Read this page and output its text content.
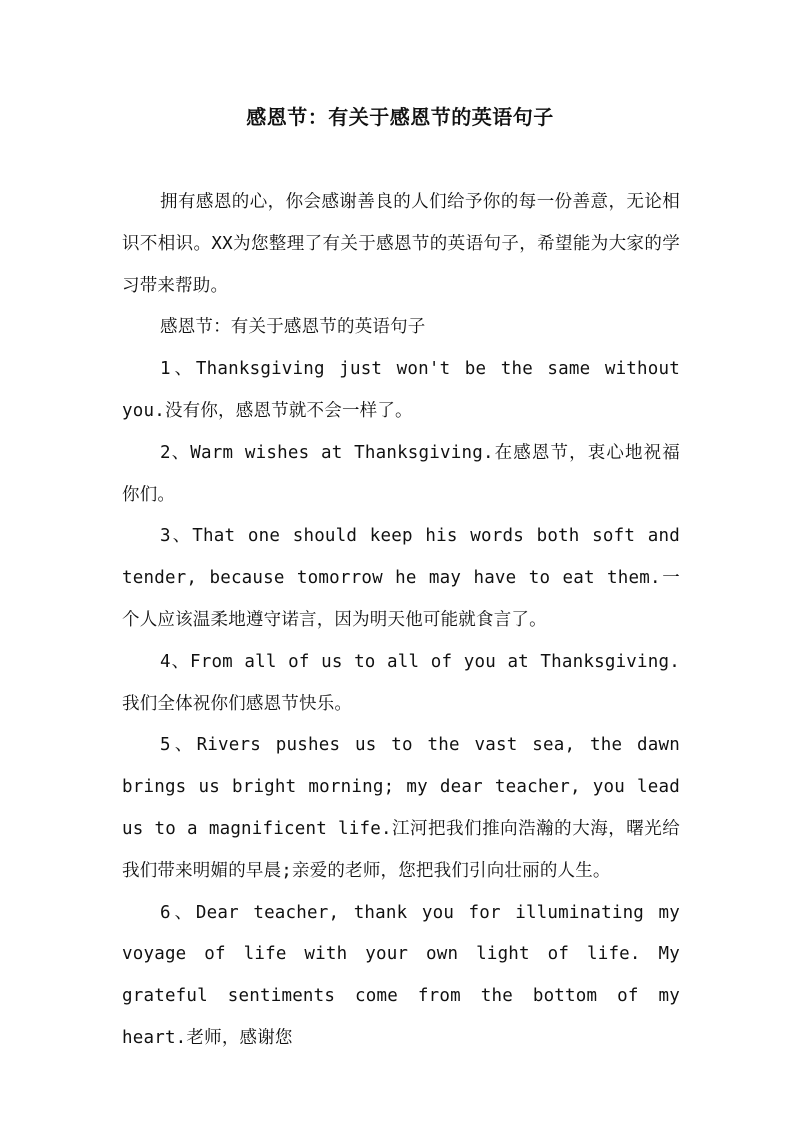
感恩节：有关于感恩节的英语句子

拥有感恩的心，你会感谢善良的人们给予你的每一份善意，无论相识不相识。XX为您整理了有关于感恩节的英语句子，希望能为大家的学习带来帮助。

感恩节：有关于感恩节的英语句子

1、Thanksgiving just won't be the same without you.没有你，感恩节就不会一样了。

2、Warm wishes at Thanksgiving.在感恩节，衷心地祝福你们。

3、That one should keep his words both soft and tender, because tomorrow he may have to eat them.一个人应该温柔地遵守诺言，因为明天他可能就食言了。

4、From all of us to all of you at Thanksgiving.我们全体祝你们感恩节快乐。

5、Rivers pushes us to the vast sea, the dawn brings us bright morning; my dear teacher, you lead us to a magnificent life.江河把我们推向浩瀚的大海，曙光给我们带来明媚的早晨;亲爱的老师，您把我们引向壮丽的人生。

6、Dear teacher, thank you for illuminating my voyage of life with your own light of life. My grateful sentiments come from the bottom of my heart.老师，感谢您
